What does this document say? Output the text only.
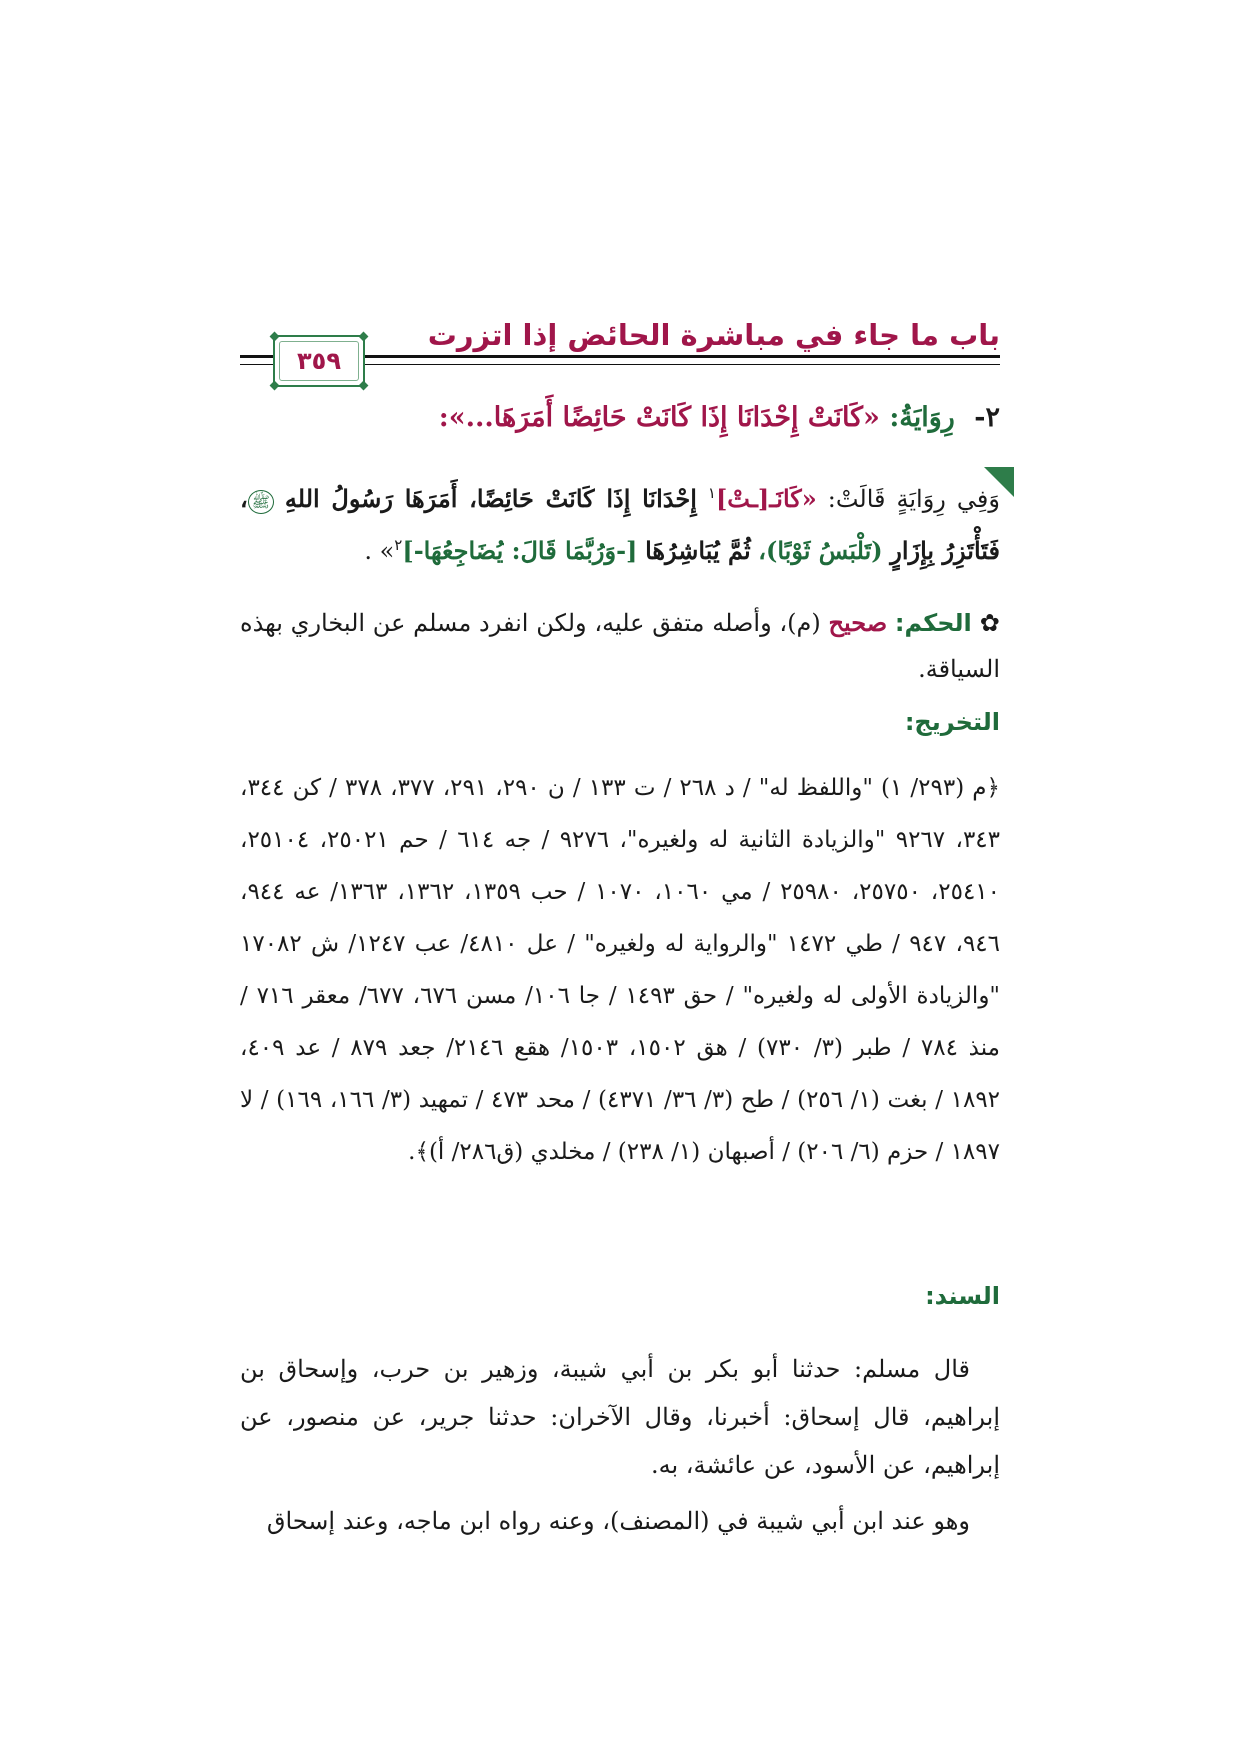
باب ما جاء في مباشرة الحائض إذا اتزرت
٣٥٩
٢- رِوَايَةُ: «كَانَتْ إِحْدَانَا إِذَا كَانَتْ حَائِضًا أَمَرَهَا...»:
وَفِي رِوَايَةٍ قَالَتْ: «كَانَـ[ـتْ]$^١$ إِحْدَانَا إِذَا كَانَتْ حَائِضًا، أَمَرَهَا رَسُولُ اللهِ ﷺ، فَتَأْتَزِرُ بِإِزَارٍ (تَلْبَسُ ثَوْبًا)، ثُمَّ يُبَاشِرُهَا [-وَرُبَّمَا قَالَ: يُضَاجِعُهَا-]$^٢$» .
✿الحكم: صحيح (م)، وأصله متفق عليه، ولكن انفرد مسلم عن البخاري بهذه السياقة.
التخريج:
﴿م (٢٩٣/ ١) "واللفظ له" / د ٢٦٨ / ت ١٣٣ / ن ٢٩٠، ٢٩١، ٣٧٧، ٣٧٨ / كن ٣٤٤، ٣٤٣، ٩٢٦٧ "والزيادة الثانية له ولغيره"، ٩٢٧٦ / جه ٦١٤ / حم ٢٥٠٢١، ٢٥١٠٤، ٢٥٤١٠، ٢٥٧٥٠، ٢٥٩٨٠ / مي ١٠٦٠، ١٠٧٠ / حب ١٣٥٩، ١٣٦٢، ١٣٦٣/ عه ٩٤٤، ٩٤٦، ٩٤٧ / طي ١٤٧٢ "والرواية له ولغيره" / عل ٤٨١٠/ عب ١٢٤٧/ ش ١٧٠٨٢ "والزيادة الأولى له ولغيره" / حق ١٤٩٣ / جا ١٠٦/ مسن ٦٧٦، ٦٧٧/ معقر ٧١٦ / منذ ٧٨٤ / طبر (٣/ ٧٣٠) / هق ١٥٠٢، ١٥٠٣/ هقع ٢١٤٦/ جعد ٨٧٩ / عد ٤٠٩، ١٨٩٢ / بغت (١/ ٢٥٦) / طح (٣/ ٣٦/ ٤٣٧١) / محد ٤٧٣ / تمهيد (٣/ ١٦٦، ١٦٩) / لا ١٨٩٧ / حزم (٦/ ٢٠٦) / أصبهان (١/ ٢٣٨) / مخلدي (ق٢٨٦/ أ)﴾.
السند:
قال مسلم: حدثنا أبو بكر بن أبي شيبة، وزهير بن حرب، وإسحاق بن إبراهيم، قال إسحاق: أخبرنا، وقال الآخران: حدثنا جرير، عن منصور، عن إبراهيم، عن الأسود، عن عائشة، به.
وهو عند ابن أبي شيبة في (المصنف)، وعنه رواه ابن ماجه، وعند إسحاق
